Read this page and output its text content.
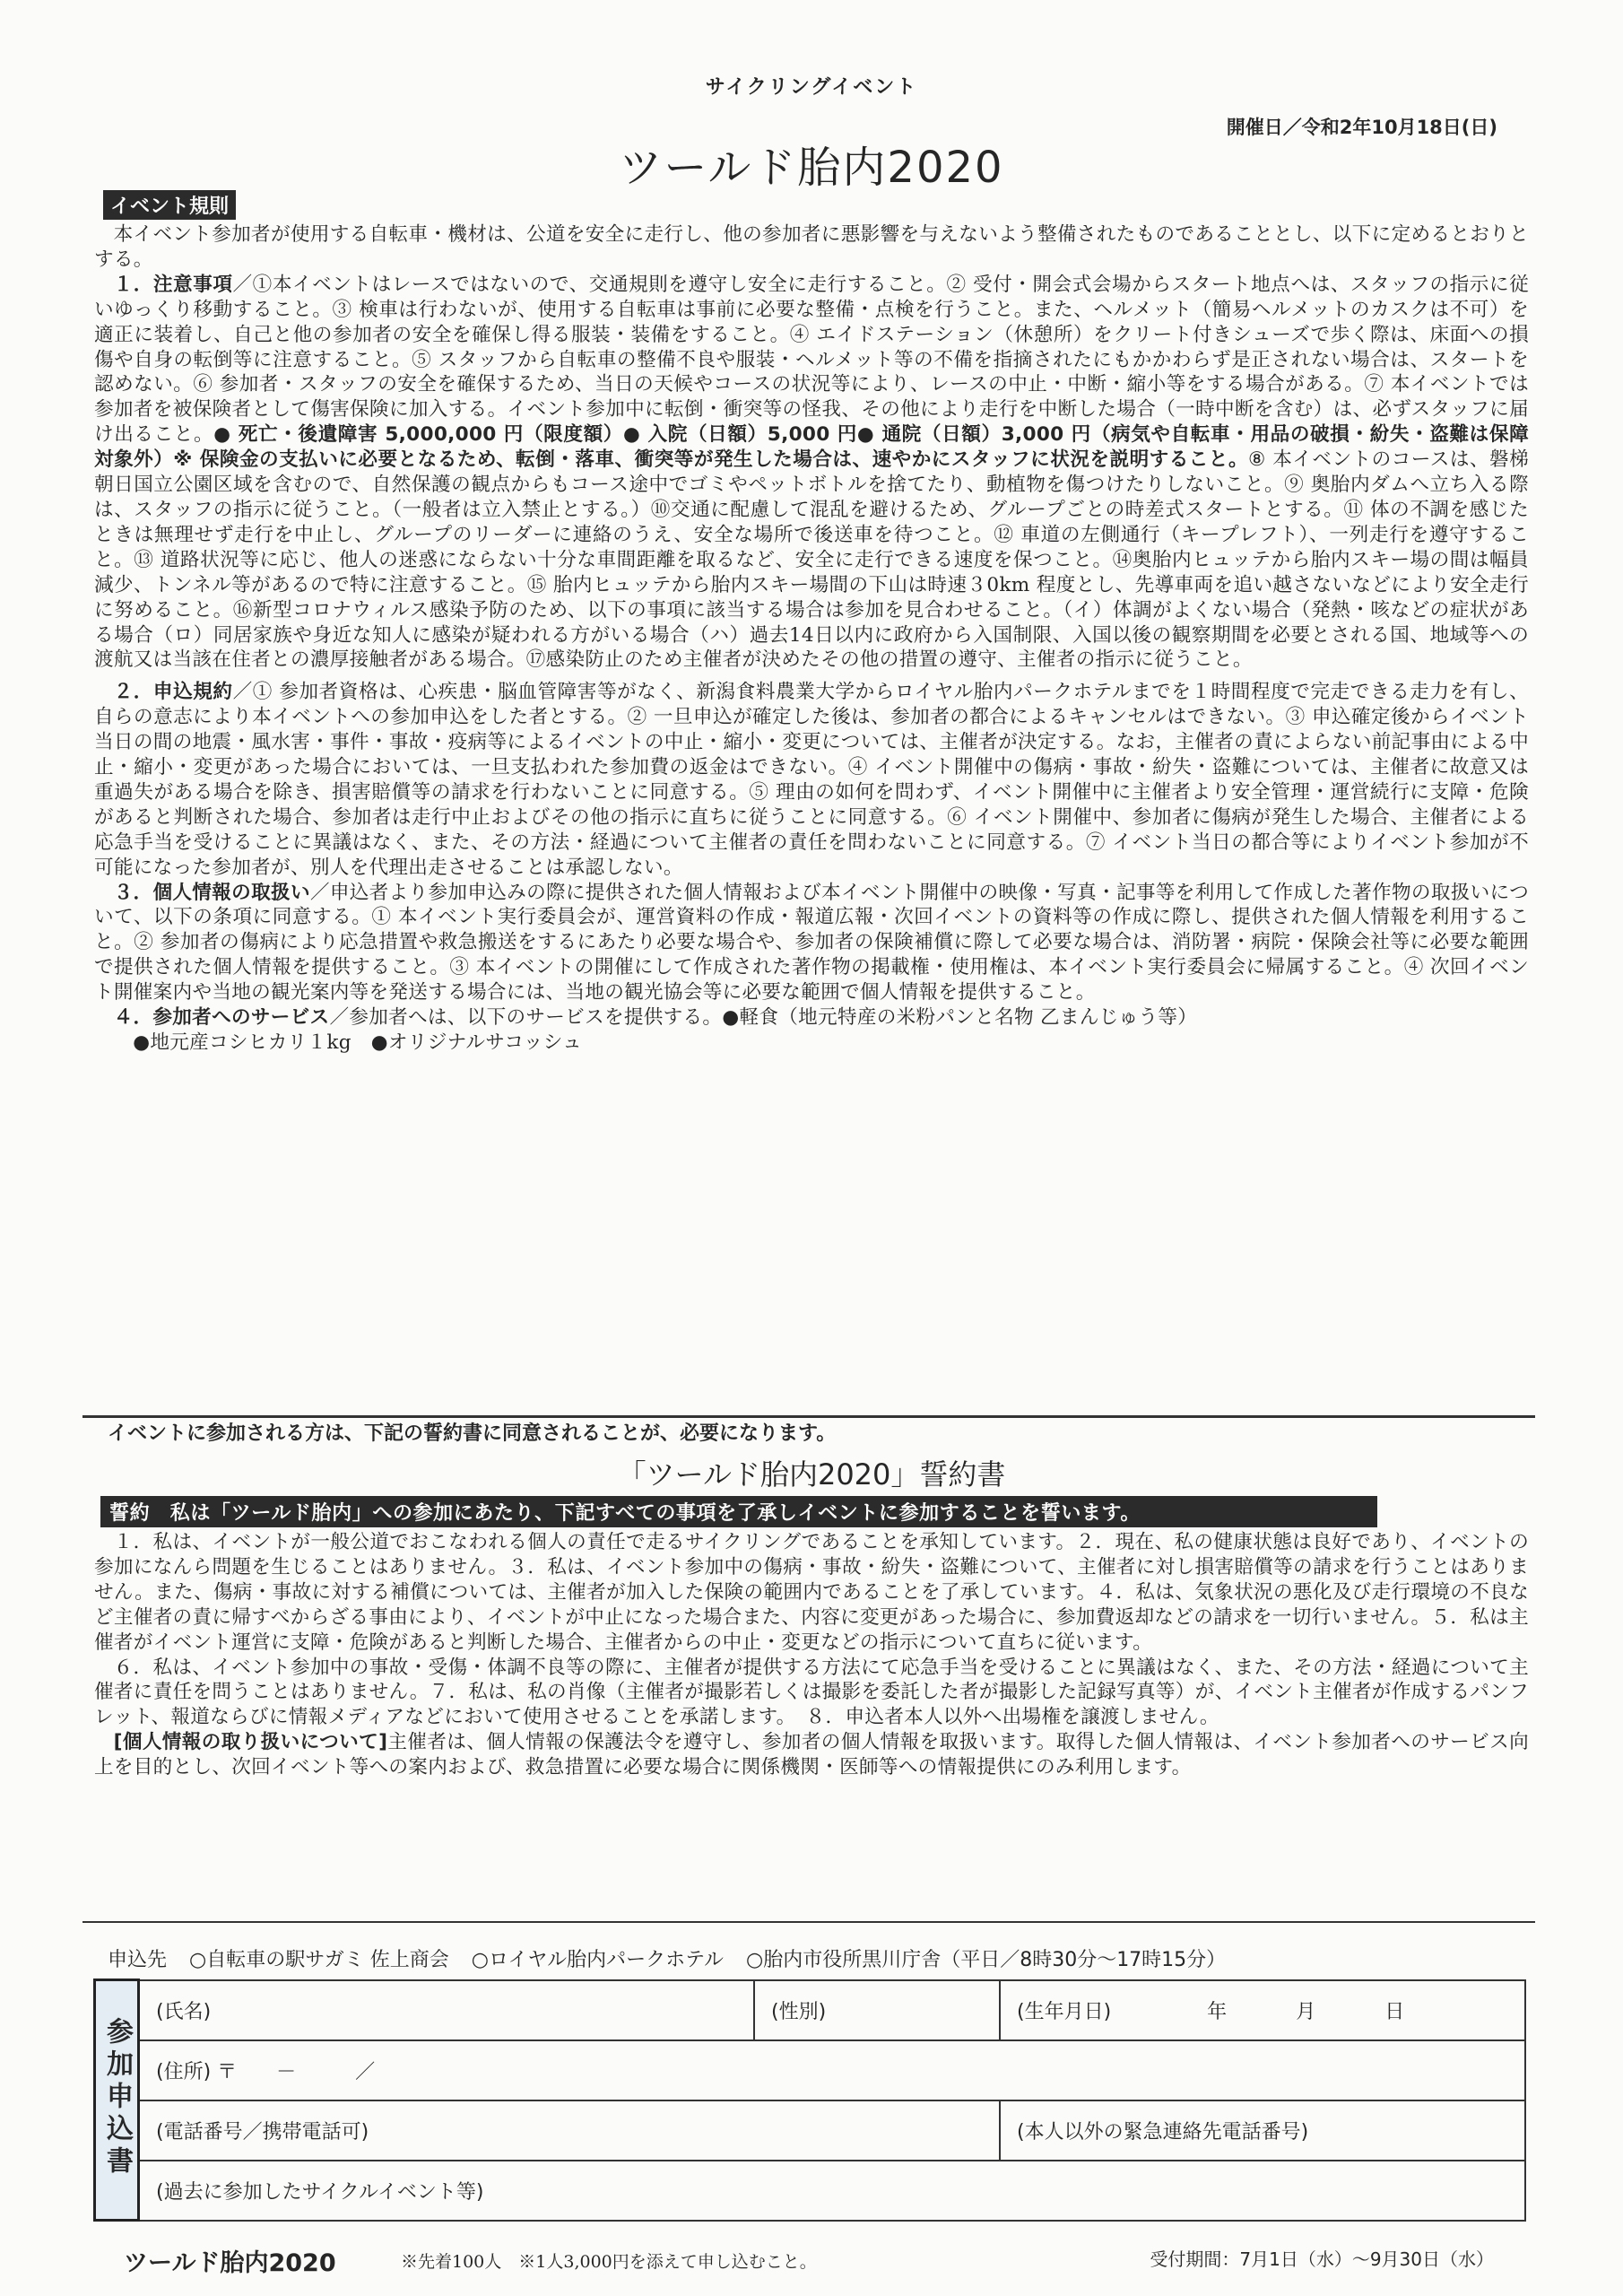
サイクリングイベント
開催日／令和2年10月18日(日)
ツールド胎内2020
イベント規則

本イベント参加者が使用する自転車・機材は、公道を安全に走行し、他の参加者に悪影響を与えないよう整備されたものであることとし、以下に定めるとおりとする。

１．注意事項／①本イベントはレースではないので、交通規則を遵守し安全に走行すること。② 受付・開会式会場からスタート地点へは、スタッフの指示に従いゆっくり移動すること。③ 検車は行わないが、使用する自転車は事前に必要な整備・点検を行うこと。また、ヘルメット（簡易ヘルメットのカスクは不可）を適正に装着し、自己と他の参加者の安全を確保し得る服装・装備をすること。④ エイドステーション（休憩所）をクリート付きシューズで歩く際は、床面への損傷や自身の転倒等に注意すること。⑤ スタッフから自転車の整備不良や服装・ヘルメット等の不備を指摘されたにもかかわらず是正されない場合は、スタートを認めない。⑥ 参加者・スタッフの安全を確保するため、当日の天候やコースの状況等により、レースの中止・中断・縮小等をする場合がある。⑦ 本イベントでは参加者を被保険者として傷害保険に加入する。イベント参加中に転倒・衝突等の怪我、その他により走行を中断した場合（一時中断を含む）は、必ずスタッフに届け出ること。● 死亡・後遺障害 5,000,000 円（限度額）● 入院（日額）5,000 円● 通院（日額）3,000 円（病気や自転車・用品の破損・紛失・盗難は保障対象外）※ 保険金の支払いに必要となるため、転倒・落車、衝突等が発生した場合は、速やかにスタッフに状況を説明すること。⑧ 本イベントのコースは、磐梯朝日国立公園区域を含むので、自然保護の観点からもコース途中でゴミやペットボトルを捨てたり、動植物を傷つけたりしないこと。⑨ 奥胎内ダムへ立ち入る際は、スタッフの指示に従うこと。（一般者は立入禁止とする。）⑩交通に配慮して混乱を避けるため、グループごとの時差式スタートとする。⑪ 体の不調を感じたときは無理せず走行を中止し、グループのリーダーに連絡のうえ、安全な場所で後送車を待つこと。⑫ 車道の左側通行（キープレフト）、一列走行を遵守すること。⑬ 道路状況等に応じ、他人の迷惑にならない十分な車間距離を取るなど、安全に走行できる速度を保つこと。⑭奥胎内ヒュッテから胎内スキー場の間は幅員減少、トンネル等があるので特に注意すること。⑮ 胎内ヒュッテから胎内スキー場間の下山は時速３0km 程度とし、先導車両を追い越さないなどにより安全走行に努めること。⑯新型コロナウィルス感染予防のため、以下の事項に該当する場合は参加を見合わせること。（イ）体調がよくない場合（発熱・咳などの症状がある場合（ロ）同居家族や身近な知人に感染が疑われる方がいる場合（ハ）過去14日以内に政府から入国制限、入国以後の観察期間を必要とされる国、地域等への渡航又は当該在住者との濃厚接触者がある場合。⑰感染防止のため主催者が決めたその他の措置の遵守、主催者の指示に従うこと。

２．申込規約／① 参加者資格は、心疾患・脳血管障害等がなく、新潟食料農業大学からロイヤル胎内パークホテルまでを１時間程度で完走できる走力を有し、自らの意志により本イベントへの参加申込をした者とする。② 一旦申込が確定した後は、参加者の都合によるキャンセルはできない。③ 申込確定後からイベント当日の間の地震・風水害・事件・事故・疫病等によるイベントの中止・縮小・変更については、主催者が決定する。なお，主催者の責によらない前記事由による中止・縮小・変更があった場合においては、一旦支払われた参加費の返金はできない。④ イベント開催中の傷病・事故・紛失・盗難については、主催者に故意又は重過失がある場合を除き、損害賠償等の請求を行わないことに同意する。⑤ 理由の如何を問わず、イベント開催中に主催者より安全管理・運営続行に支障・危険があると判断された場合、参加者は走行中止およびその他の指示に直ちに従うことに同意する。⑥ イベント開催中、参加者に傷病が発生した場合、主催者による応急手当を受けることに異議はなく、また、その方法・経過について主催者の責任を問わないことに同意する。⑦ イベント当日の都合等によりイベント参加が不可能になった参加者が、別人を代理出走させることは承認しない。

３．個人情報の取扱い／申込者より参加申込みの際に提供された個人情報および本イベント開催中の映像・写真・記事等を利用して作成した著作物の取扱いについて、以下の条項に同意する。① 本イベント実行委員会が、運営資料の作成・報道広報・次回イベントの資料等の作成に際し、提供された個人情報を利用すること。② 参加者の傷病により応急措置や救急搬送をするにあたり必要な場合や、参加者の保険補償に際して必要な場合は、消防署・病院・保険会社等に必要な範囲で提供された個人情報を提供すること。③ 本イベントの開催にして作成された著作物の掲載権・使用権は、本イベント実行委員会に帰属すること。④ 次回イベント開催案内や当地の観光案内等を発送する場合には、当地の観光協会等に必要な範囲で個人情報を提供すること。

４．参加者へのサービス／参加者へは、以下のサービスを提供する。●軽食（地元特産の米粉パンと名物 乙まんじゅう等）

●地元産コシヒカリ１kg　●オリジナルサコッシュ

イベントに参加される方は、下記の誓約書に同意されることが、必要になります。
「ツールド胎内2020」誓約書
誓約　私は「ツールド胎内」への参加にあたり、下記すべての事項を了承しイベントに参加することを誓います。

１．私は、イベントが一般公道でおこなわれる個人の責任で走るサイクリングであることを承知しています。２．現在、私の健康状態は良好であり、イベントの参加になんら問題を生じることはありません。３．私は、イベント参加中の傷病・事故・紛失・盗難について、主催者に対し損害賠償等の請求を行うことはありません。また、傷病・事故に対する補償については、主催者が加入した保険の範囲内であることを了承しています。４．私は、気象状況の悪化及び走行環境の不良など主催者の責に帰すべからざる事由により、イベントが中止になった場合また、内容に変更があった場合に、参加費返却などの請求を一切行いません。５．私は主催者がイベント運営に支障・危険があると判断した場合、主催者からの中止・変更などの指示について直ちに従います。

６．私は、イベント参加中の事故・受傷・体調不良等の際に、主催者が提供する方法にて応急手当を受けることに異議はなく、また、その方法・経過について主催者に責任を問うことはありません。７．私は、私の肖像（主催者が撮影若しくは撮影を委託した者が撮影した記録写真等）が、イベント主催者が作成するパンフレット、報道ならびに情報メディアなどにおいて使用させることを承諾します。　８．申込者本人以外へ出場権を譲渡しません。

[個人情報の取り扱いについて]主催者は、個人情報の保護法令を遵守し、参加者の個人情報を取扱います。取得した個人情報は、イベント参加者へのサービス向上を目的とし、次回イベント等への案内および、救急措置に必要な場合に関係機関・医師等への情報提供にのみ利用します。

申込先 ○自転車の駅サガミ 佐上商会 ○ロイヤル胎内パークホテル ○胎内市役所黒川庁舎（平日／8時30分～17時15分）
参加申込書	(氏名)	(性別)	(生年月日) 年 月 日
	(住所) 〒　　－　　　／		
	(電話番号／携帯電話可)		(本人以外の緊急連絡先電話番号)
	(過去に参加したサイクルイベント等)		
ツールド胎内2020	※先着100人　※1人3,000円を添えて申し込むこと。	受付期間：7月1日（水）～9月30日（水）
